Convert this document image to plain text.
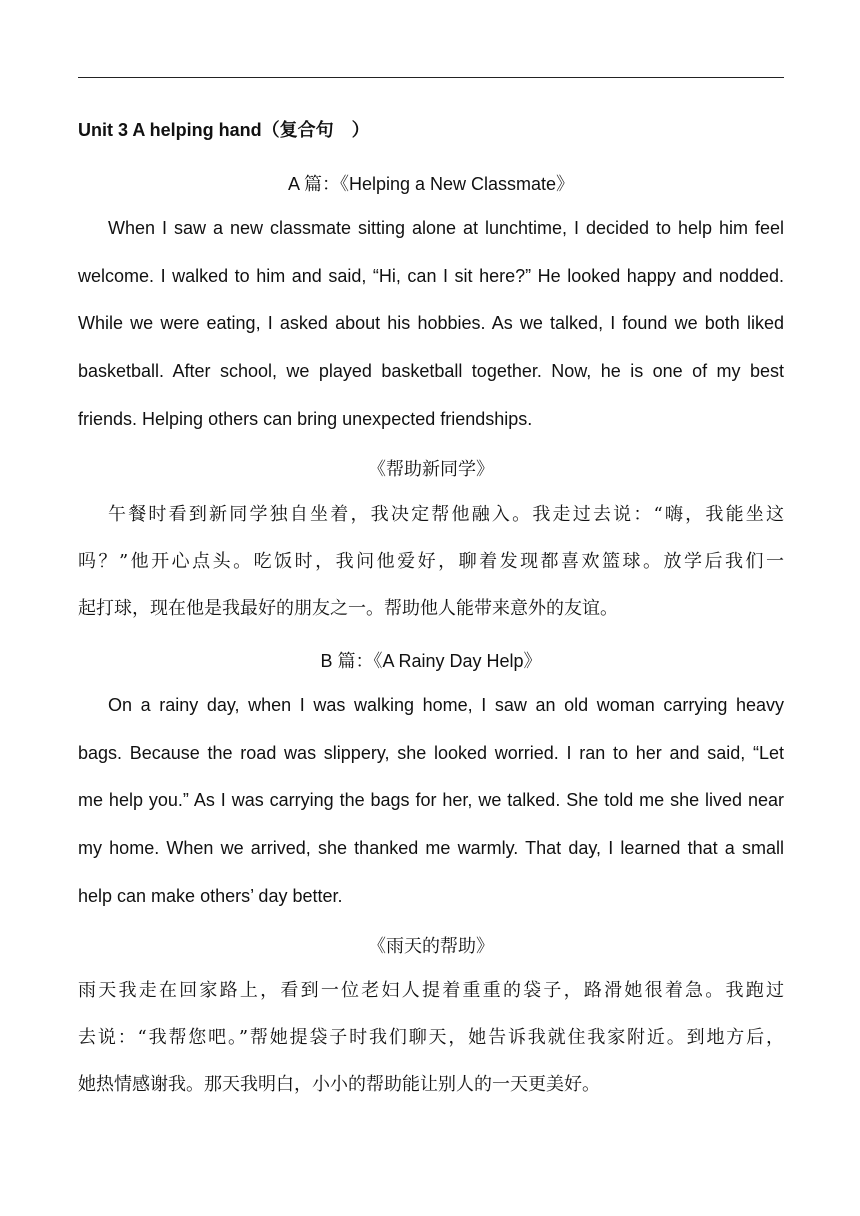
Unit 3 A helping hand（复合句　）
A 篇：《Helping a New Classmate》
When I saw a new classmate sitting alone at lunchtime, I decided to help him feel
welcome. I walked to him and said, “Hi, can I sit here?” He looked happy and nodded.
While we were eating, I asked about his hobbies. As we talked, I found we both liked
basketball. After school, we played basketball together. Now, he is one of my best
friends. Helping others can bring unexpected friendships.
《帮助新同学》
午餐时看到新同学独自坐着，我决定帮他融入。我走过去说：“嗨，我能坐这
吗？”他开心点头。吃饭时，我问他爱好，聊着发现都喜欢篮球。放学后我们一
起打球，现在他是我最好的朋友之一。帮助他人能带来意外的友谊。
B 篇：《A Rainy Day Help》
On a rainy day, when I was walking home, I saw an old woman carrying heavy
bags. Because the road was slippery, she looked worried. I ran to her and said, “Let
me help you.” As I was carrying the bags for her, we talked. She told me she lived near
my home. When we arrived, she thanked me warmly. That day, I learned that a small
help can make others’ day better.
《雨天的帮助》
雨天我走在回家路上，看到一位老妇人提着重重的袋子，路滑她很着急。我跑过
去说：“我帮您吧。”帮她提袋子时我们聊天，她告诉我就住我家附近。到地方后，
她热情感谢我。那天我明白，小小的帮助能让别人的一天更美好。
